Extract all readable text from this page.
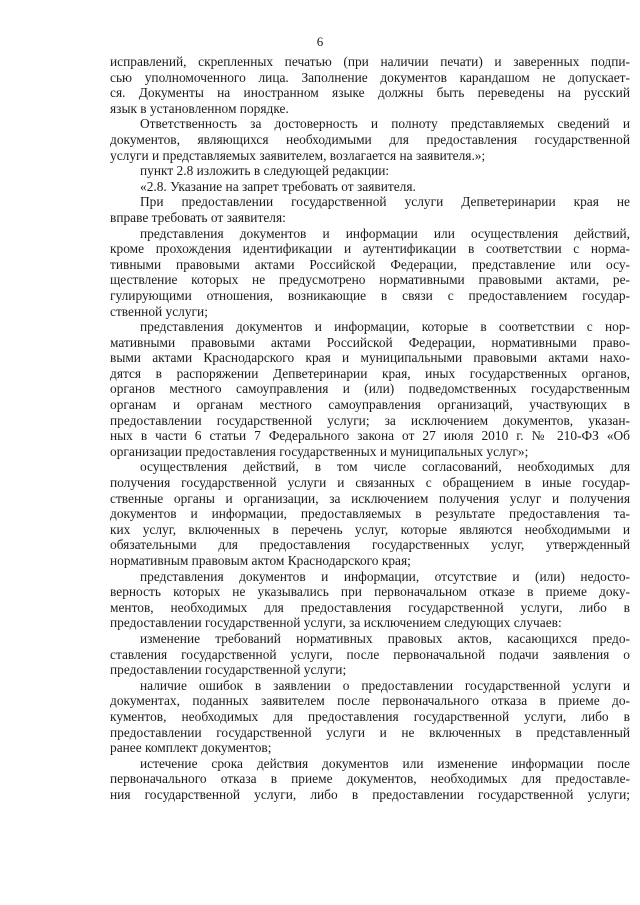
6
исправлений, скрепленных печатью (при наличии печати) и заверенных подпи-
сью уполномоченного лица. Заполнение документов карандашом не допускает-
ся. Документы на иностранном языке должны быть переведены на русский
язык в установленном порядке.
Ответственность за достоверность и полноту представляемых сведений и
документов, являющихся необходимыми для предоставления государственной
услуги и представляемых заявителем, возлагается на заявителя.»;
пункт 2.8 изложить в следующей редакции:
«2.8. Указание на запрет требовать от заявителя.
При предоставлении государственной услуги Депветеринарии края не
вправе требовать от заявителя:
представления документов и информации или осуществления действий,
кроме прохождения идентификации и аутентификации в соответствии с норма-
тивными правовыми актами Российской Федерации, представление или осу-
ществление которых не предусмотрено нормативными правовыми актами, ре-
гулирующими отношения, возникающие в связи с предоставлением государ-
ственной услуги;
представления документов и информации, которые в соответствии с нор-
мативными правовыми актами Российской Федерации, нормативными право-
выми актами Краснодарского края и муниципальными правовыми актами нахо-
дятся в распоряжении Депветеринарии края, иных государственных органов,
органов местного самоуправления и (или) подведомственных государственным
органам и органам местного самоуправления организаций, участвующих в
предоставлении государственной услуги; за исключением документов, указан-
ных в части 6 статьи 7 Федерального закона от 27 июля 2010 г. № 210-ФЗ «Об
организации предоставления государственных и муниципальных услуг»;
осуществления действий, в том числе согласований, необходимых для
получения государственной услуги и связанных с обращением в иные государ-
ственные органы и организации, за исключением получения услуг и получения
документов и информации, предоставляемых в результате предоставления та-
ких услуг, включенных в перечень услуг, которые являются необходимыми и
обязательными для предоставления государственных услуг, утвержденный
нормативным правовым актом Краснодарского края;
представления документов и информации, отсутствие и (или) недосто-
верность которых не указывались при первоначальном отказе в приеме доку-
ментов, необходимых для предоставления государственной услуги, либо в
предоставлении государственной услуги, за исключением следующих случаев:
изменение требований нормативных правовых актов, касающихся предо-
ставления государственной услуги, после первоначальной подачи заявления о
предоставлении государственной услуги;
наличие ошибок в заявлении о предоставлении государственной услуги и
документах, поданных заявителем после первоначального отказа в приеме до-
кументов, необходимых для предоставления государственной услуги, либо в
предоставлении государственной услуги и не включенных в представленный
ранее комплект документов;
истечение срока действия документов или изменение информации после
первоначального отказа в приеме документов, необходимых для предоставле-
ния государственной услуги, либо в предоставлении государственной услуги;
